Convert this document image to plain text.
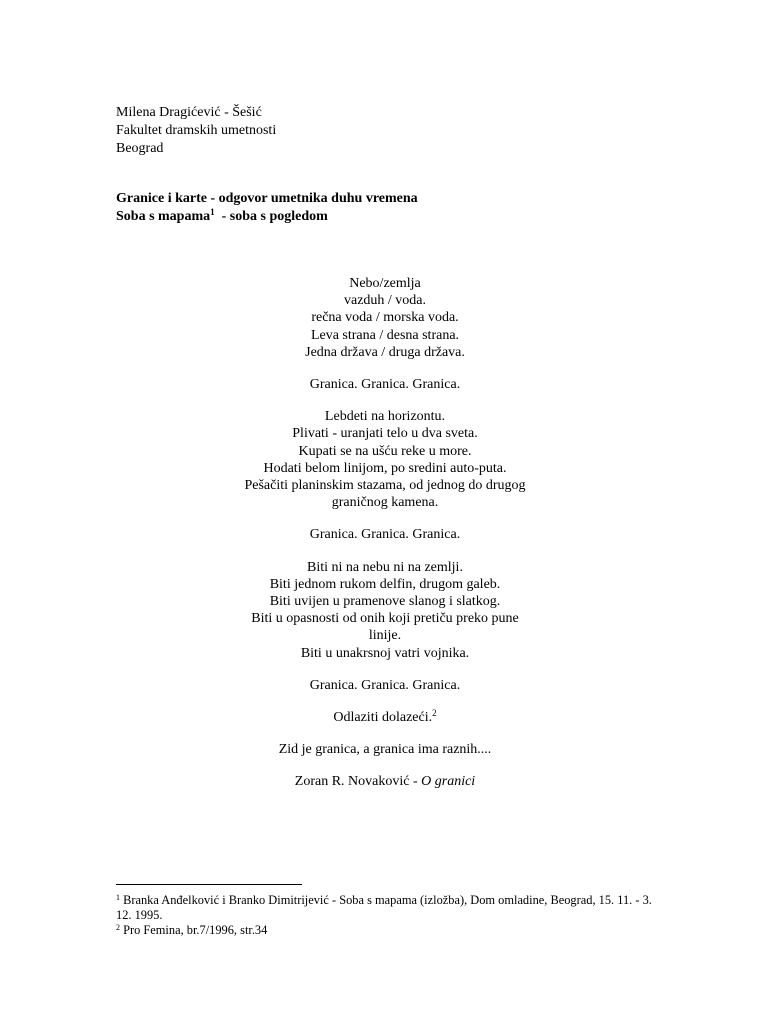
Milena Dragićević - Šešić
Fakultet dramskih umetnosti
Beograd
Granice i karte - odgovor umetnika duhu vremena
Soba s mapama$^1$  - soba s pogledom
Nebo/zemlja
vazduh / voda.
rečna voda / morska voda.
Leva strana / desna strana.
Jedna država / druga država.
Granica. Granica. Granica.
Lebdeti na horizontu.
Plivati - uranjati telo u dva sveta.
Kupati se na ušću reke u more.
Hodati belom linijom, po sredini auto-puta.
Pešačiti planinskim stazama, od jednog do drugog
graničnog kamena.
Granica. Granica. Granica.
Biti ni na nebu ni na zemlji.
Biti jednom rukom delfin, drugom galeb.
Biti uvijen u pramenove slanog i slatkog.
Biti u opasnosti od onih koji pretiču preko pune
linije.
Biti u unakrsnoj vatri vojnika.
Granica. Granica. Granica.
Odlaziti dolazeći.$^2$
Zid je granica, a granica ima raznih....
Zoran R. Novaković - O granici
$^1$ Branka Anđelković i Branko Dimitrijević - Soba s mapama (izložba), Dom omladine, Beograd, 15. 11. - 3. 12. 1995.
$^2$ Pro Femina, br.7/1996, str.34
